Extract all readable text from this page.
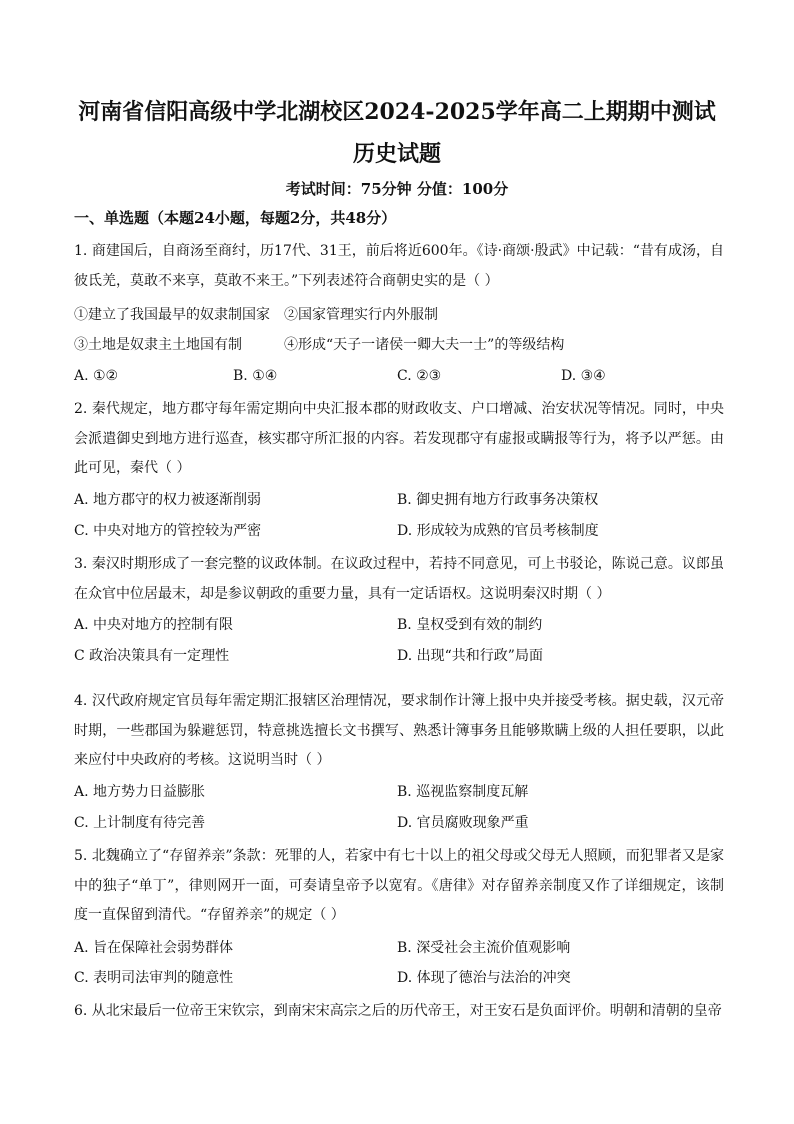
河南省信阳高级中学北湖校区2024-2025学年高二上期期中测试
历史试题
考试时间：75分钟 分值：100分
一、单选题（本题24小题，每题2分，共48分）
1. 商建国后，自商汤至商纣，历17代、31王，前后将近600年。《诗·商颂·殷武》中记载：“昔有成汤，自彼氐羌，莫敢不来享，莫敢不来王。”下列表述符合商朝史实的是（ ）
①建立了我国最早的奴隶制国家 ②国家管理实行内外服制
③土地是奴隶主土地国有制	④形成“天子一诸侯一卿大夫一士”的等级结构
A. ①②	B. ①④	C. ②③	D. ③④
2. 秦代规定，地方郡守每年需定期向中央汇报本郡的财政收支、户口增减、治安状况等情况。同时，中央会派遣御史到地方进行巡查，核实郡守所汇报的内容。若发现郡守有虚报或瞒报等行为，将予以严惩。由此可见，秦代（ ）
A. 地方郡守的权力被逐渐削弱	B. 御史拥有地方行政事务决策权
C. 中央对地方的管控较为严密	D. 形成较为成熟的官员考核制度
3. 秦汉时期形成了一套完整的议政体制。在议政过程中，若持不同意见，可上书驳论，陈说己意。议郎虽在众官中位居最末，却是参议朝政的重要力量，具有一定话语权。这说明秦汉时期（ ）
A. 中央对地方的控制有限	B. 皇权受到有效的制约
C 政治决策具有一定理性	D. 出现“共和行政”局面
4. 汉代政府规定官员每年需定期汇报辖区治理情况，要求制作计簿上报中央并接受考核。据史载，汉元帝时期，一些郡国为躲避惩罚，特意挑选擅长文书撰写、熟悉计簿事务且能够欺瞒上级的人担任要职，以此来应付中央政府的考核。这说明当时（ ）
A. 地方势力日益膨胀	B. 巡视监察制度瓦解
C. 上计制度有待完善	D. 官员腐败现象严重
5. 北魏确立了“存留养亲”条款：死罪的人，若家中有七十以上的祖父母或父母无人照顾，而犯罪者又是家中的独子“单丁”，律则网开一面，可奏请皇帝予以宽宥。《唐律》对存留养亲制度又作了详细规定，该制度一直保留到清代。“存留养亲”的规定（ ）
A. 旨在保障社会弱势群体	B. 深受社会主流价值观影响
C. 表明司法审判的随意性	D. 体现了德治与法治的冲突
6. 从北宋最后一位帝王宋钦宗，到南宋宋高宗之后的历代帝王，对王安石是负面评价。明朝和清朝的皇帝
